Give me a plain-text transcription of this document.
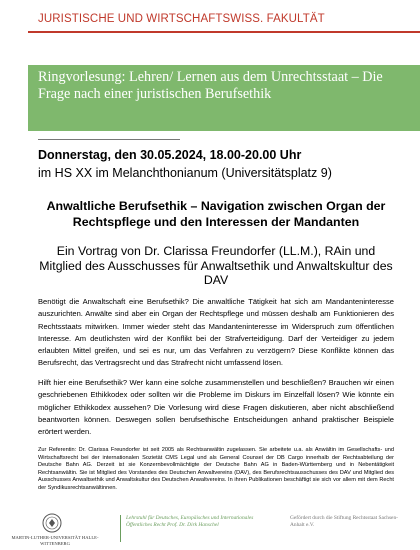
JURISTISCHE UND WIRTSCHAFTSWISS. FAKULTÄT
Ringvorlesung: Lehren/ Lernen aus dem Unrechtsstaat – Die Frage nach einer juristischen Berufsethik
Donnerstag, den 30.05.2024, 18.00-20.00 Uhr
im HS XX im Melanchthonianum (Universitätsplatz 9)
Anwaltliche Berufsethik – Navigation zwischen Organ der Rechtspflege und den Interessen der Mandanten
Ein Vortrag von Dr. Clarissa Freundorfer (LL.M.), RAin und Mitglied des Ausschusses für Anwaltsethik und Anwaltskultur des DAV
Benötigt die Anwaltschaft eine Berufsethik? Die anwaltliche Tätigkeit hat sich am Mandanteninteresse auszurichten. Anwälte sind aber ein Organ der Rechtspflege und müssen deshalb am Funktionieren des Rechtsstaats mitwirken. Immer wieder steht das Mandanteninteresse im Widerspruch zum öffentlichen Interesse. Am deutlichsten wird der Konflikt bei der Strafverteidigung. Darf der Verteidiger zu jedem erlaubten Mittel greifen, und sei es nur, um das Verfahren zu verzögern? Diese Konflikte können das Berufsrecht, das Vertragsrecht und das Strafrecht nicht umfassend lösen.
Hilft hier eine Berufsethik? Wer kann eine solche zusammenstellen und beschließen? Brauchen wir einen geschriebenen Ethikkodex oder sollten wir die Probleme im Diskurs im Einzelfall lösen? Wie könnte ein möglicher Ethikkodex aussehen? Die Vorlesung wird diese Fragen diskutieren, aber nicht abschließend beantworten können. Deswegen sollen berufsethische Entscheidungen anhand praktischer Beispiele erörtert werden.
Zur Referentin: Dr. Clarissa Freundorfer ist seit 2005 als Rechtsanwältin zugelassen. Sie arbeitete u.a. als Anwältin im Gesellschafts- und Wirtschaftsrecht bei der internationalen Sozietät CMS Legal und als General Counsel der DB Cargo innerhalb der Rechtsabteilung der Deutsche Bahn AG. Derzeit ist sie Konzernbevollmächtigte der Deutsche Bahn AG in Baden-Württemberg und in Nebentätigkeit Rechtsanwältin. Sie ist Mitglied des Vorstandes des Deutschen Anwaltvereins (DAV), des Berufsrechtsausschusses des DAV und Mitglied des Ausschusses Anwaltsethik und Anwaltskultur des Deutschen Anwaltvereins. In ihren Publikationen beschäftigt sie sich vor allem mit dem Recht der Syndikusrechtsanwältinnen.
MARTIN-LUTHER-UNIVERSITÄT HALLE-WITTENBERG
Lehrstuhl für Deutsches, Europäisches und Internationales Öffentliches Recht Prof. Dr. Dirk Hanschel
Gefördert durch die Stiftung Rechtsstaat Sachsen-Anhalt e.V.
